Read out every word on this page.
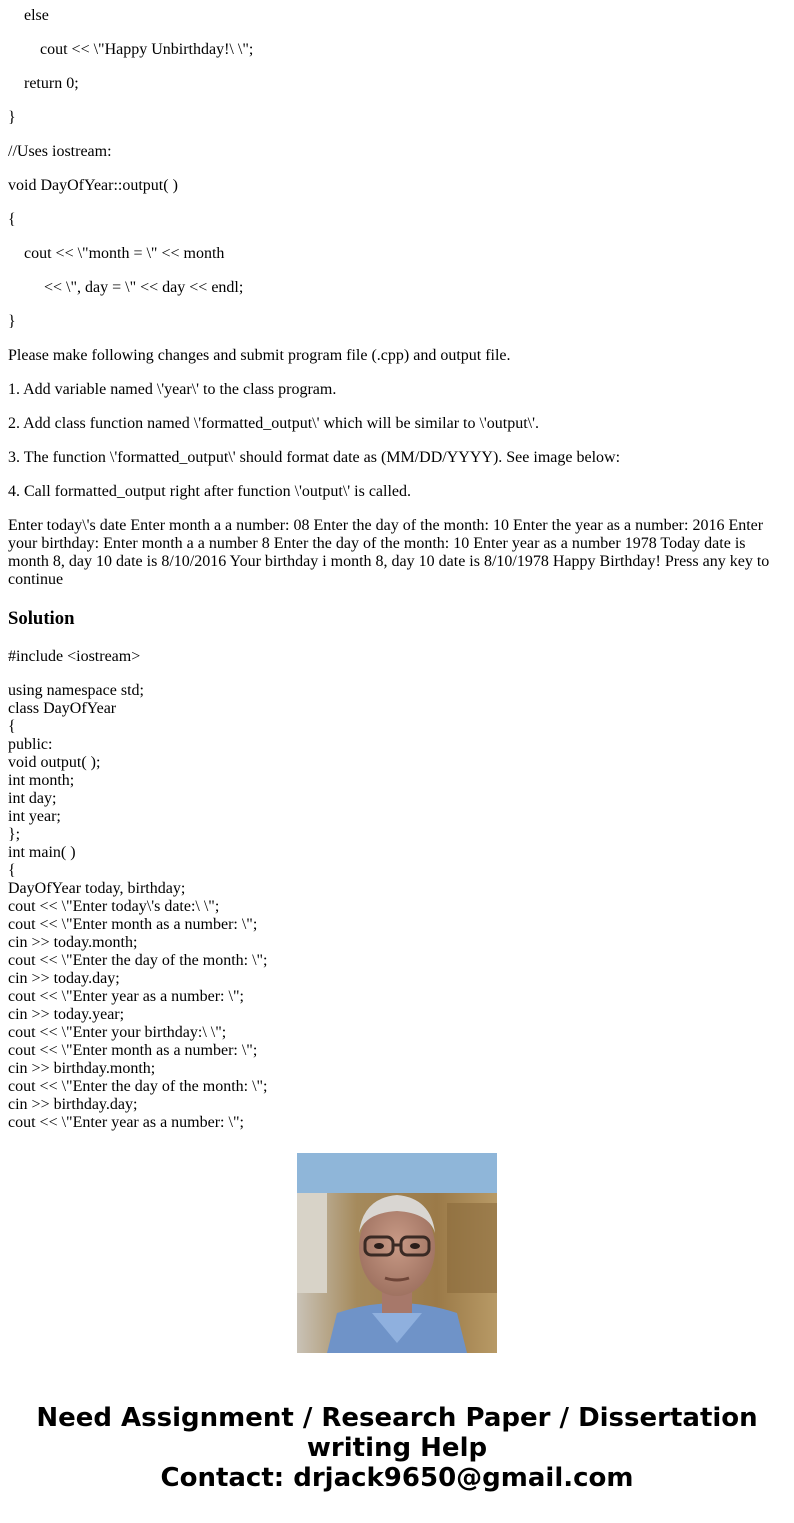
else
cout << \"Happy Unbirthday!\ \";
return 0;
}
//Uses iostream:
void DayOfYear::output( )
{
cout << \"month = \" << month
<< \", day = \" << day << endl;
}
Please make following changes and submit program file (.cpp) and output file.
1. Add variable named \'year\' to the class program.
2. Add class function named \'formatted_output\' which will be similar to \'output\'.
3. The function \'formatted_output\' should format date as (MM/DD/YYYY). See image below:
4. Call formatted_output right after function \'output\' is called.
Enter today\'s date Enter month a a number: 08 Enter the day of the month: 10 Enter the year as a number: 2016 Enter your birthday: Enter month a a number 8 Enter the day of the month: 10 Enter year as a number 1978 Today date is month 8, day 10 date is 8/10/2016 Your birthday i month 8, day 10 date is 8/10/1978 Happy Birthday! Press any key to continue
Solution
#include <iostream>
using namespace std;
class DayOfYear
{
public:
void output( );
int month;
int day;
int year;
};
int main( )
{
DayOfYear today, birthday;
cout << \"Enter today\'s date:\ \";
cout << \"Enter month as a number: \";
cin >> today.month;
cout << \"Enter the day of the month: \";
cin >> today.day;
cout << \"Enter year as a number: \";
cin >> today.year;
cout << \"Enter your birthday:\ \";
cout << \"Enter month as a number: \";
cin >> birthday.month;
cout << \"Enter the day of the month: \";
cin >> birthday.day;
cout << \"Enter year as a number: \";
Need Assignment / Research Paper / Dissertation
writing Help
Contact: drjack9650@gmail.com
